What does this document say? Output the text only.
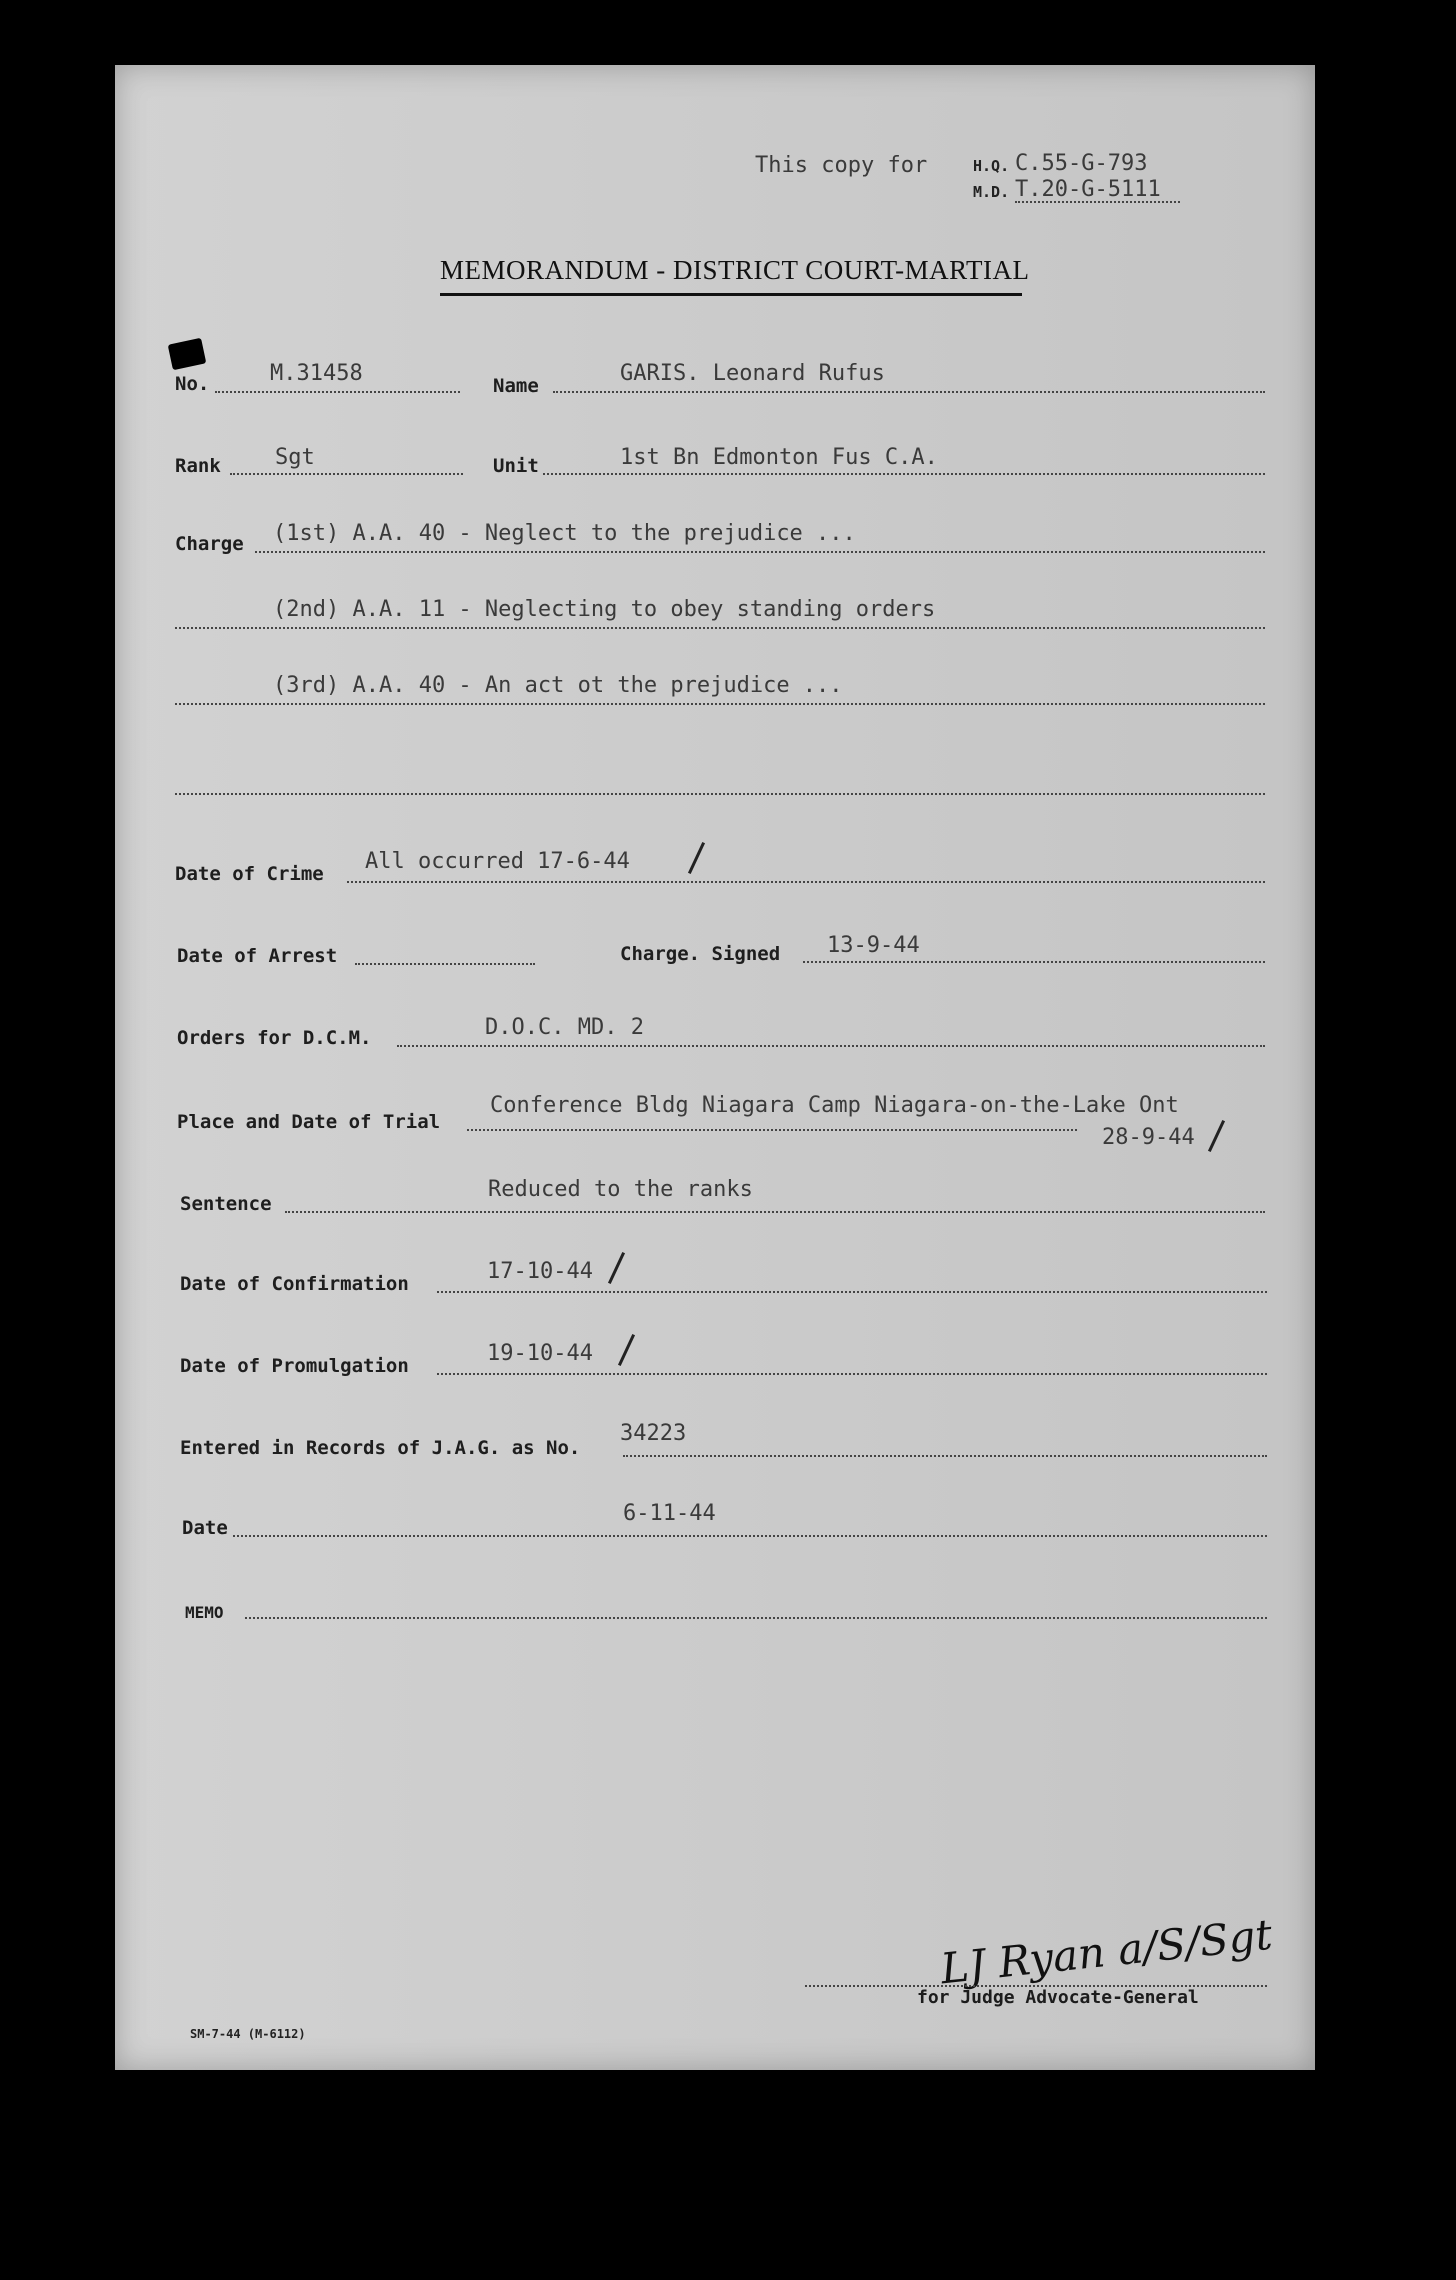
This copy for	H.Q. C.55-G-793
M.D. T.20-G-5111
MEMORANDUM - DISTRICT COURT-MARTIAL
No.	M.31458	Name	GARIS. Leonard Rufus
Rank Sgt	Unit	1st Bn Edmonton Fus C.A.
Charge (1st) A.A. 40 - Neglect to the prejudice ...
(2nd) A.A. 11 - Neglecting to obey standing orders
(3rd) A.A. 40 - An act ot the prejudice ...
Date of Crime All occurred 17-6-44
Date of Arrest	Charge. Signed 13-9-44
Orders for D.C.M.	D.O.C. MD. 2
Place and Date of Trial
Conference Bldg Niagara Camp Niagara-on-the-Lake Ont
28-9-44
Sentence
Reduced to the ranks
Date of Confirmation	17-10-44
Date of Promulgation	19-10-44
Entered in Records of J.A.G. as No.
34223
Date
6-11-44
MEMO
LJ Ryan a/S/Sgt
for Judge Advocate-General
SM-7-44 (M-6112)
